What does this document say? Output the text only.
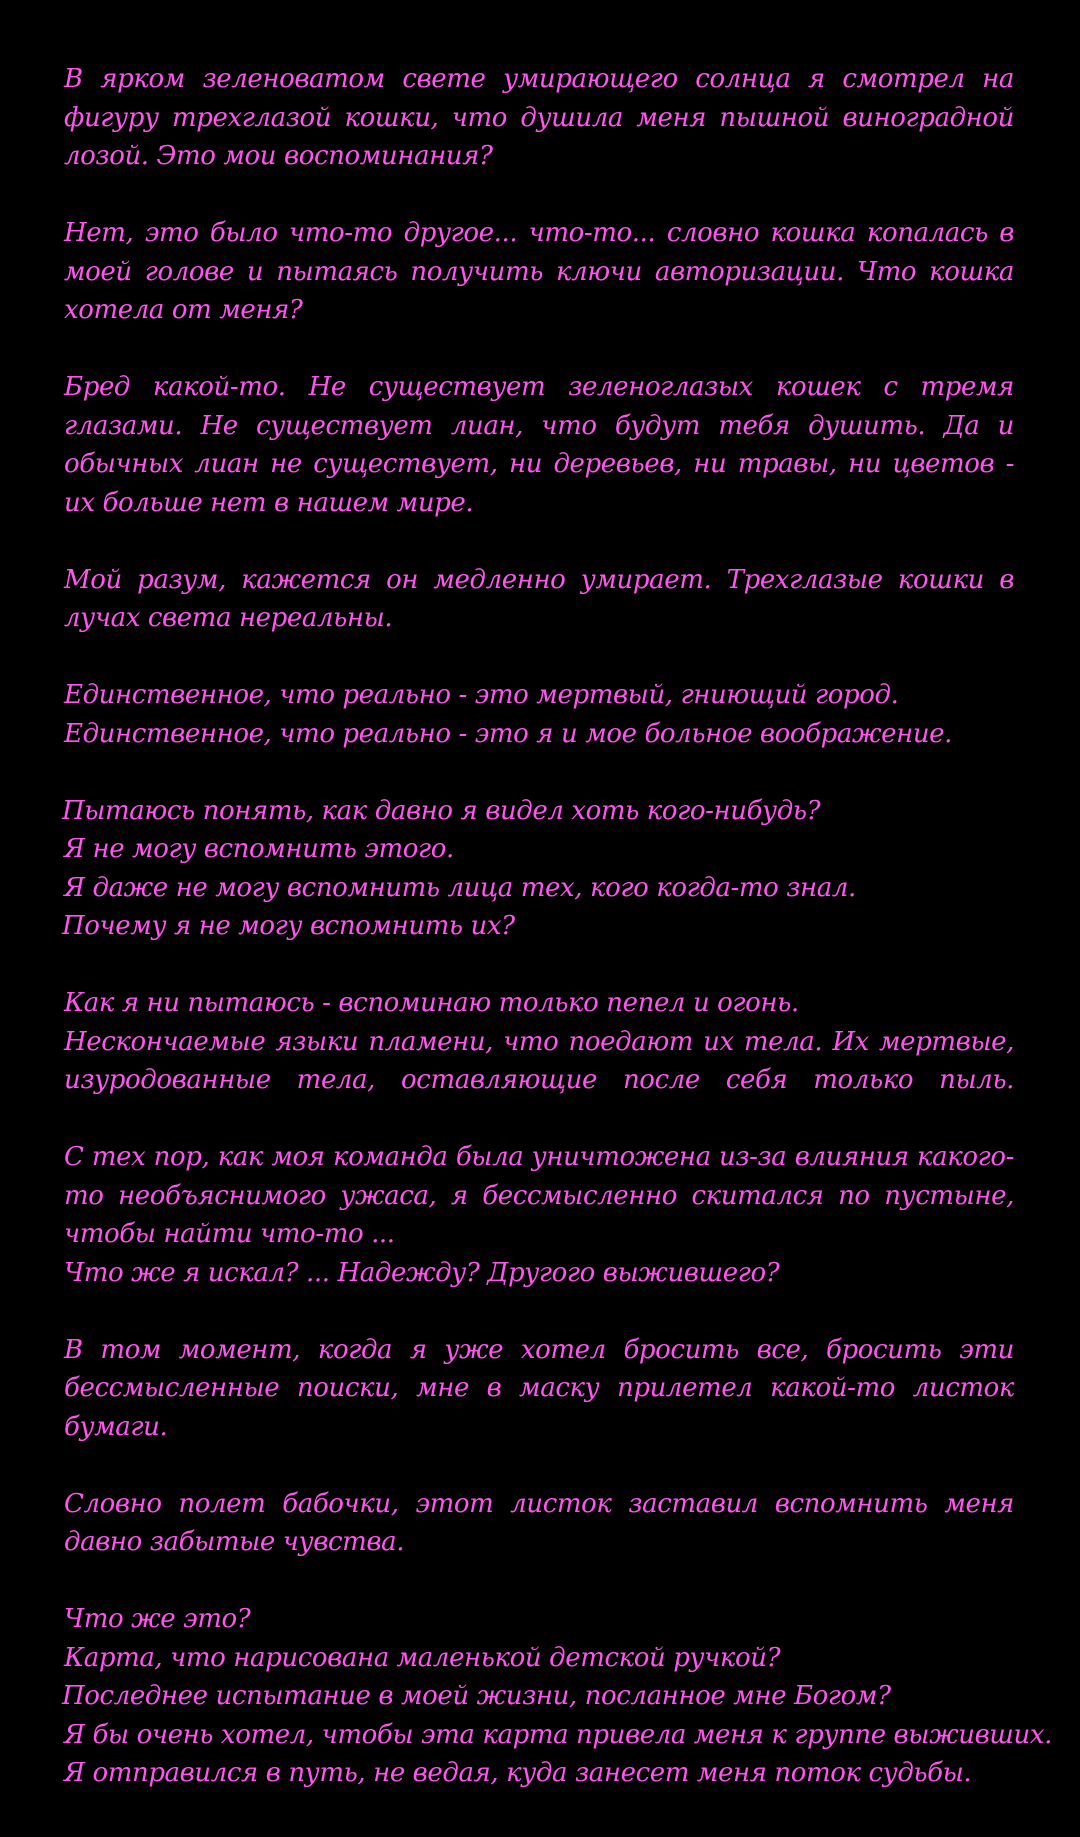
В ярком зеленоватом свете умирающего солнца я смотрел на фигуру трехглазой кошки, что душила меня пышной виноградной лозой. Это мои воспоминания?

Нет, это было что-то другое... что-то... словно кошка копалась в моей голове и пытаясь получить ключи авторизации. Что кошка хотела от меня?

Бред какой-то. Не существует зеленоглазых кошек с тремя глазами. Не существует лиан, что будут тебя душить. Да и обычных лиан не существует, ни деревьев, ни травы, ни цветов - их больше нет в нашем мире.

Мой разум, кажется он медленно умирает. Трехглазые кошки в лучах света нереальны.

Единственное, что реально - это мертвый, гниющий город.
Единственное, что реально - это я и мое больное воображение.

Пытаюсь понять, как давно я видел хоть кого-нибудь?
Я не могу вспомнить этого.
Я даже не могу вспомнить лица тех, кого когда-то знал.
Почему я не могу вспомнить их?

Как я ни пытаюсь - вспоминаю только пепел и огонь.
Нескончаемые языки пламени, что поедают их тела. Их мертвые, изуродованные тела, оставляющие после себя только пыль.

С тех пор, как моя команда была уничтожена из-за влияния какого-то необъяснимого ужаса, я бессмысленно скитался по пустыне, чтобы найти что-то ...
Что же я искал? ... Надежду? Другого выжившего?

В том момент, когда я уже хотел бросить все, бросить эти бессмысленные поиски, мне в маску прилетел какой-то листок бумаги.

Словно полет бабочки, этот листок заставил вспомнить меня давно забытые чувства.

Что же это?
Карта, что нарисована маленькой детской ручкой?
Последнее испытание в моей жизни, посланное мне Богом?
Я бы очень хотел, чтобы эта карта привела меня к группе выживших.
Я отправился в путь, не ведая, куда занесет меня поток судьбы.
